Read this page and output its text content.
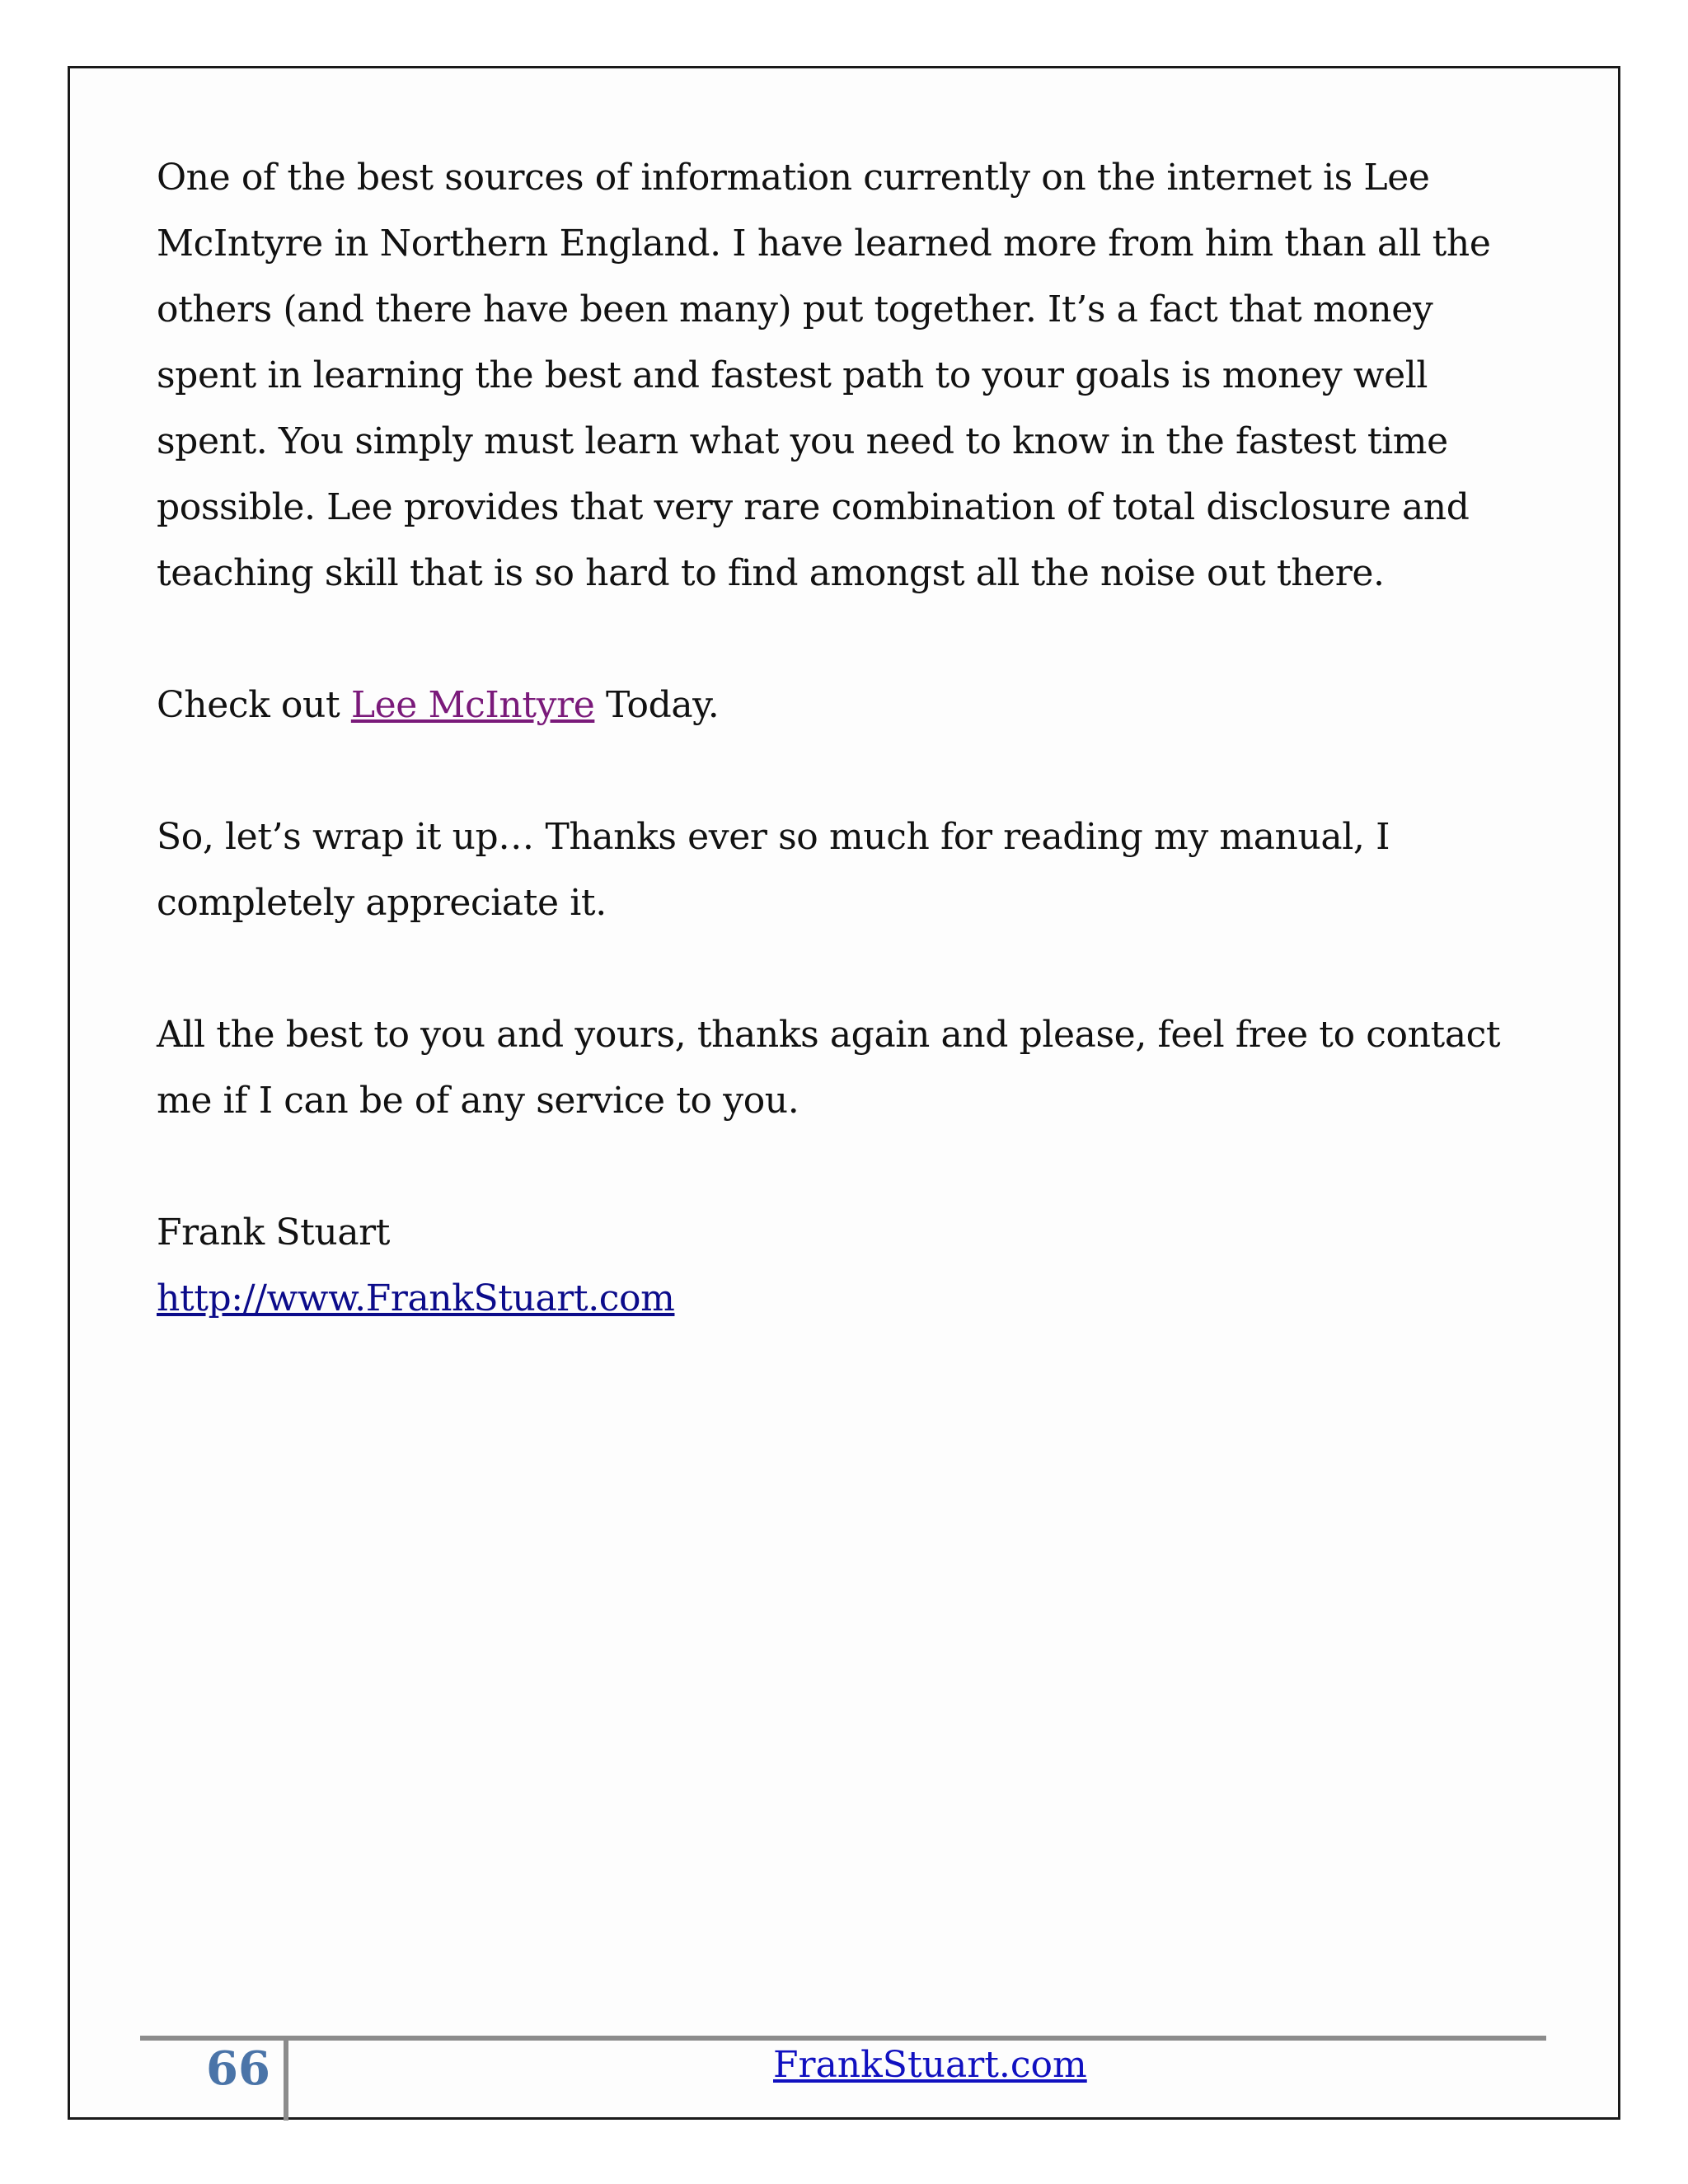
One of the best sources of information currently on the internet is Lee McIntyre in Northern England. I have learned more from him than all the others (and there have been many) put together. It’s a fact that money spent in learning the best and fastest path to your goals is money well spent. You simply must learn what you need to know in the fastest time possible. Lee provides that very rare combination of total disclosure and teaching skill that is so hard to find amongst all the noise out there.

Check out Lee McIntyre Today.

So, let’s wrap it up… Thanks ever so much for reading my manual, I completely appreciate it.

All the best to you and yours, thanks again and please, feel free to contact me if I can be of any service to you.

Frank Stuart

http://www.FrankStuart.com

66	FrankStuart.com
